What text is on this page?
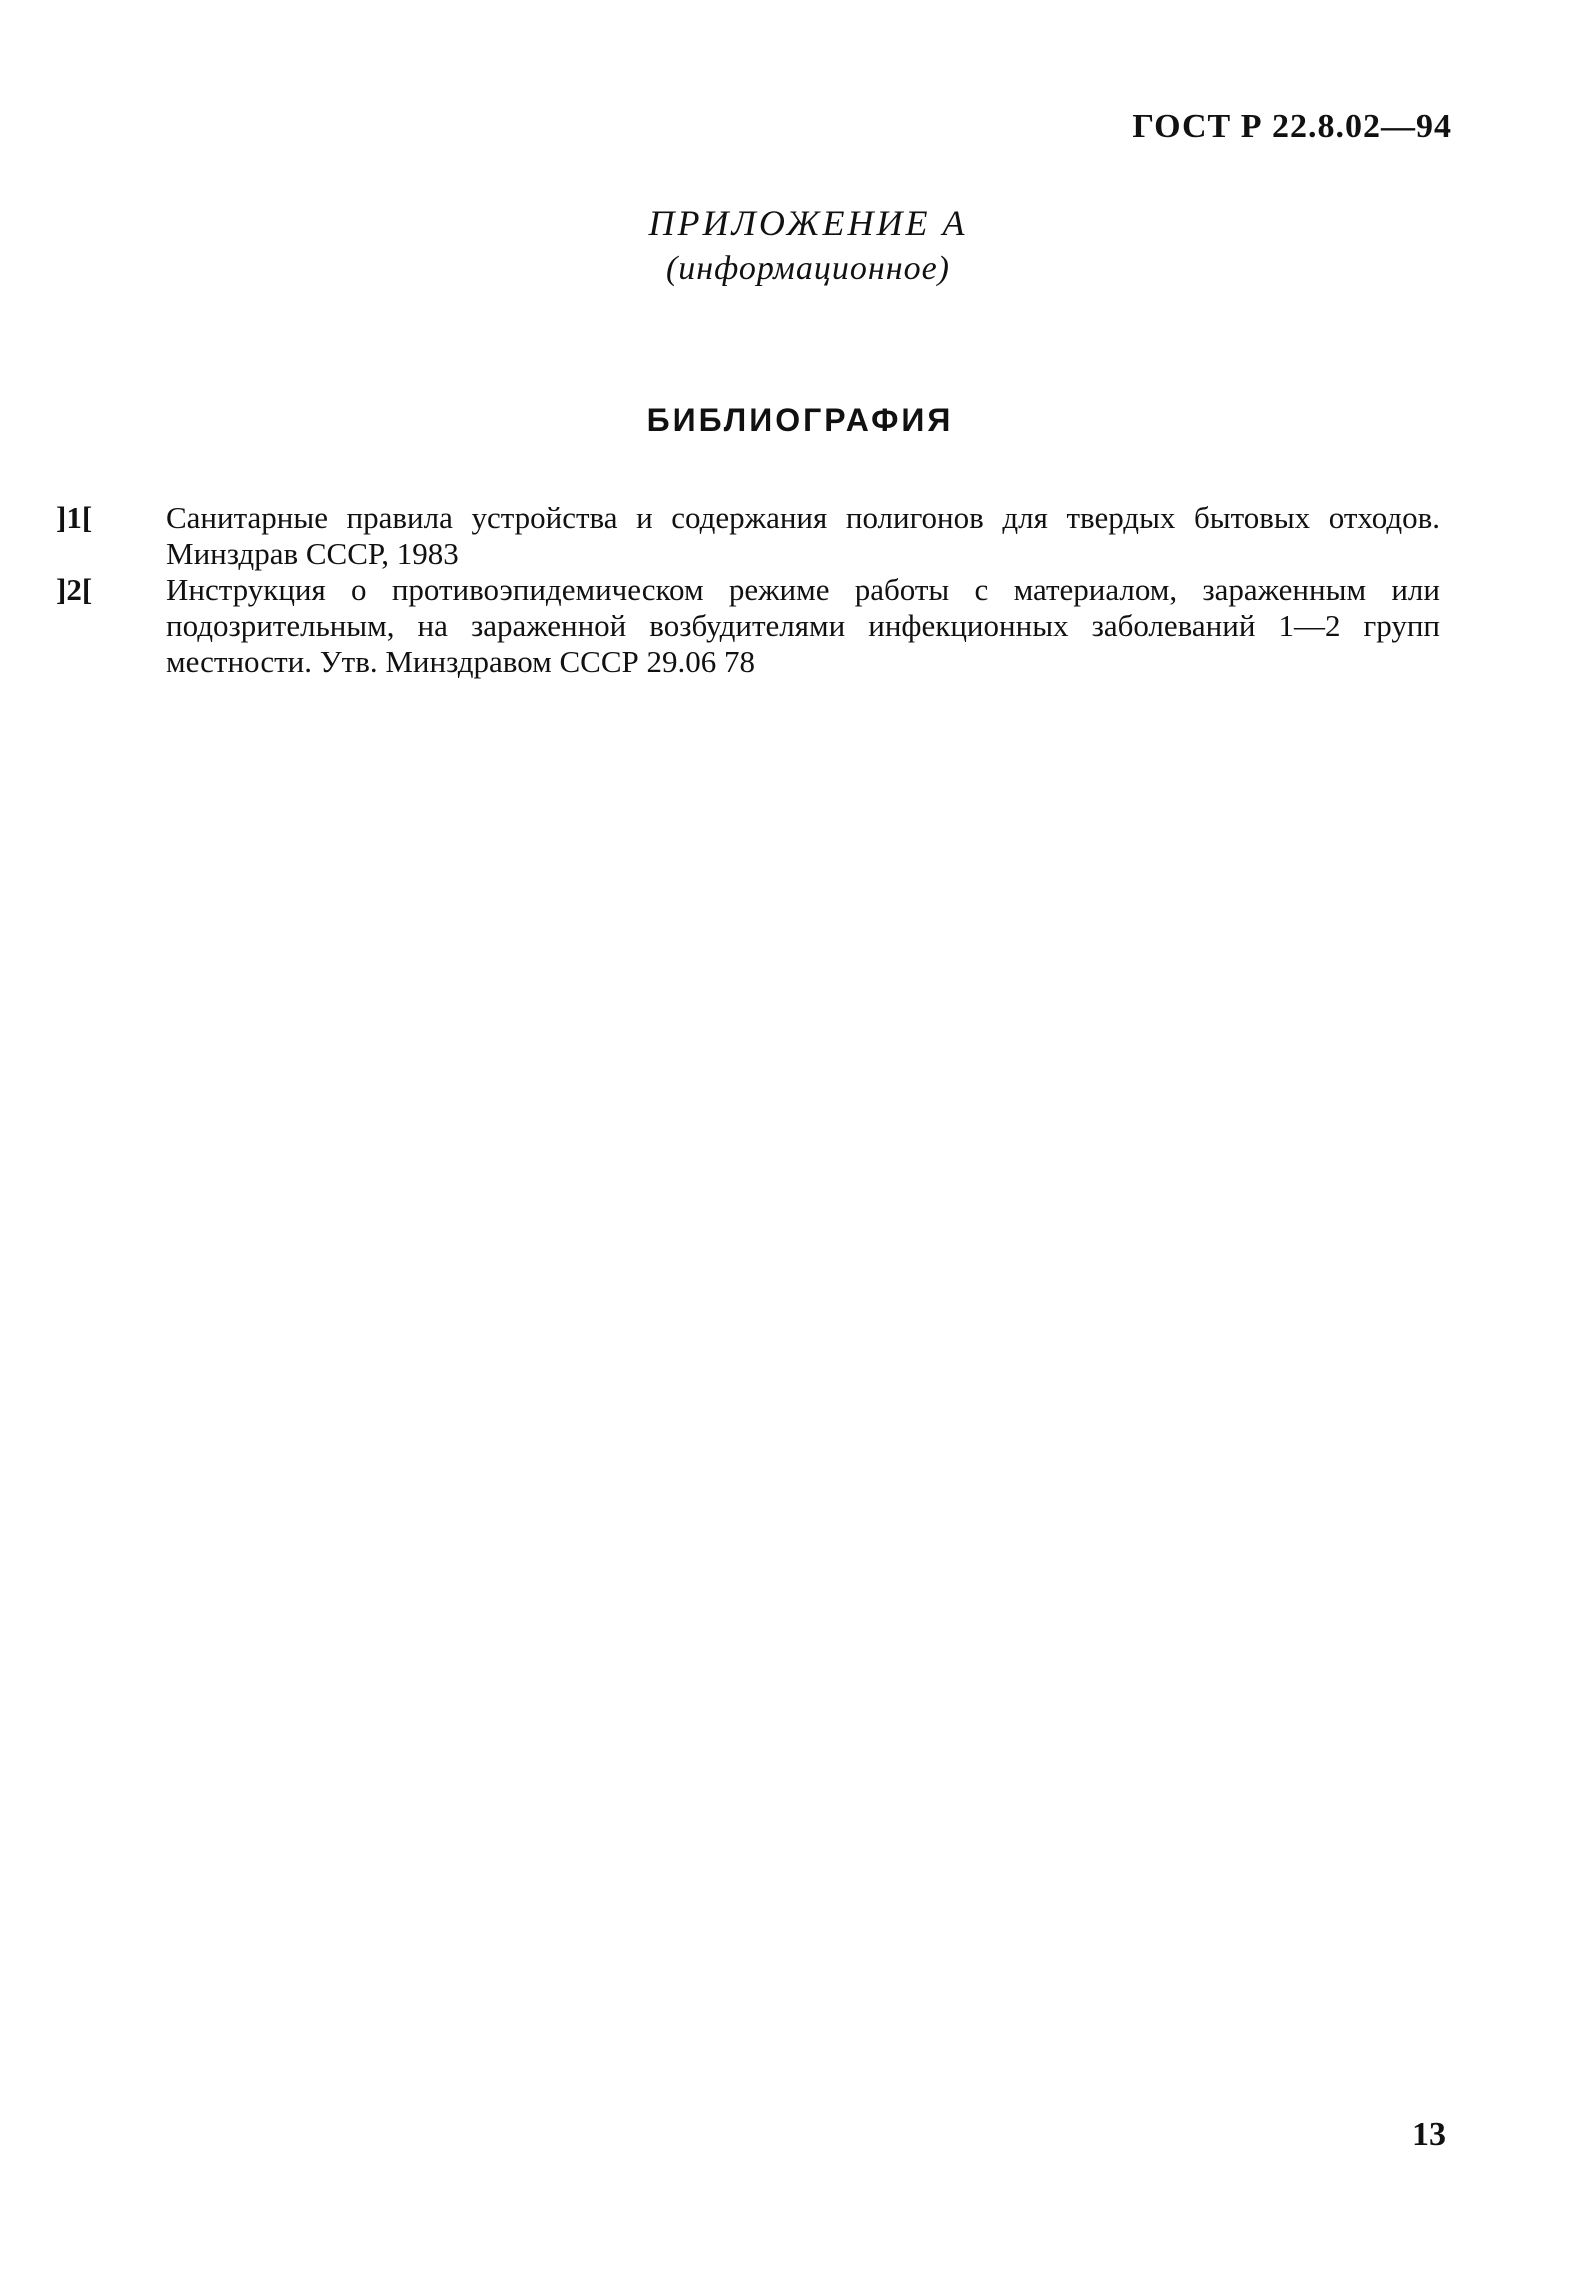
ГОСТ Р 22.8.02—94
ПРИЛОЖЕНИЕ А
(информационное)
БИБЛИОГРАФИЯ
]1[	Санитарные правила устройства и содержания полигонов для твердых бытовых отходов. Минздрав СССР, 1983
]2[	Инструкция о противоэпидемическом режиме работы с материалом, зараженным или подозрительным, на зараженной возбудителями инфекционных заболеваний 1—2 групп местности. Утв. Минздравом СССР 29.06 78
13
